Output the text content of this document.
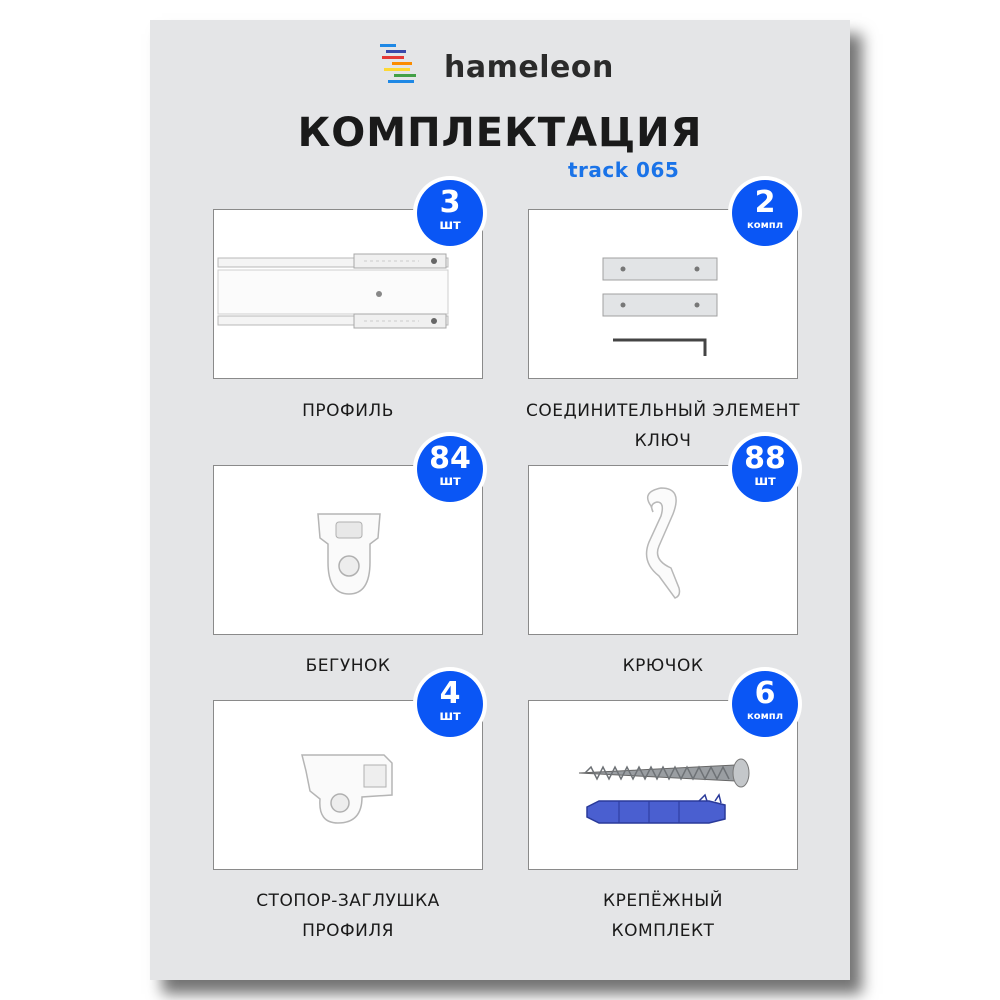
hameleon
КОМПЛЕКТАЦИЯ
track 065
3
шт
ПРОФИЛЬ
2
компл
СОЕДИНИТЕЛЬНЫЙ ЭЛЕМЕНТ
КЛЮЧ
84
шт
БЕГУНОК
88
шт
КРЮЧОК
4
шт
СТОПОР-ЗАГЛУШКА
ПРОФИЛЯ
6
компл
КРЕПЁЖНЫЙ
КОМПЛЕКТ
